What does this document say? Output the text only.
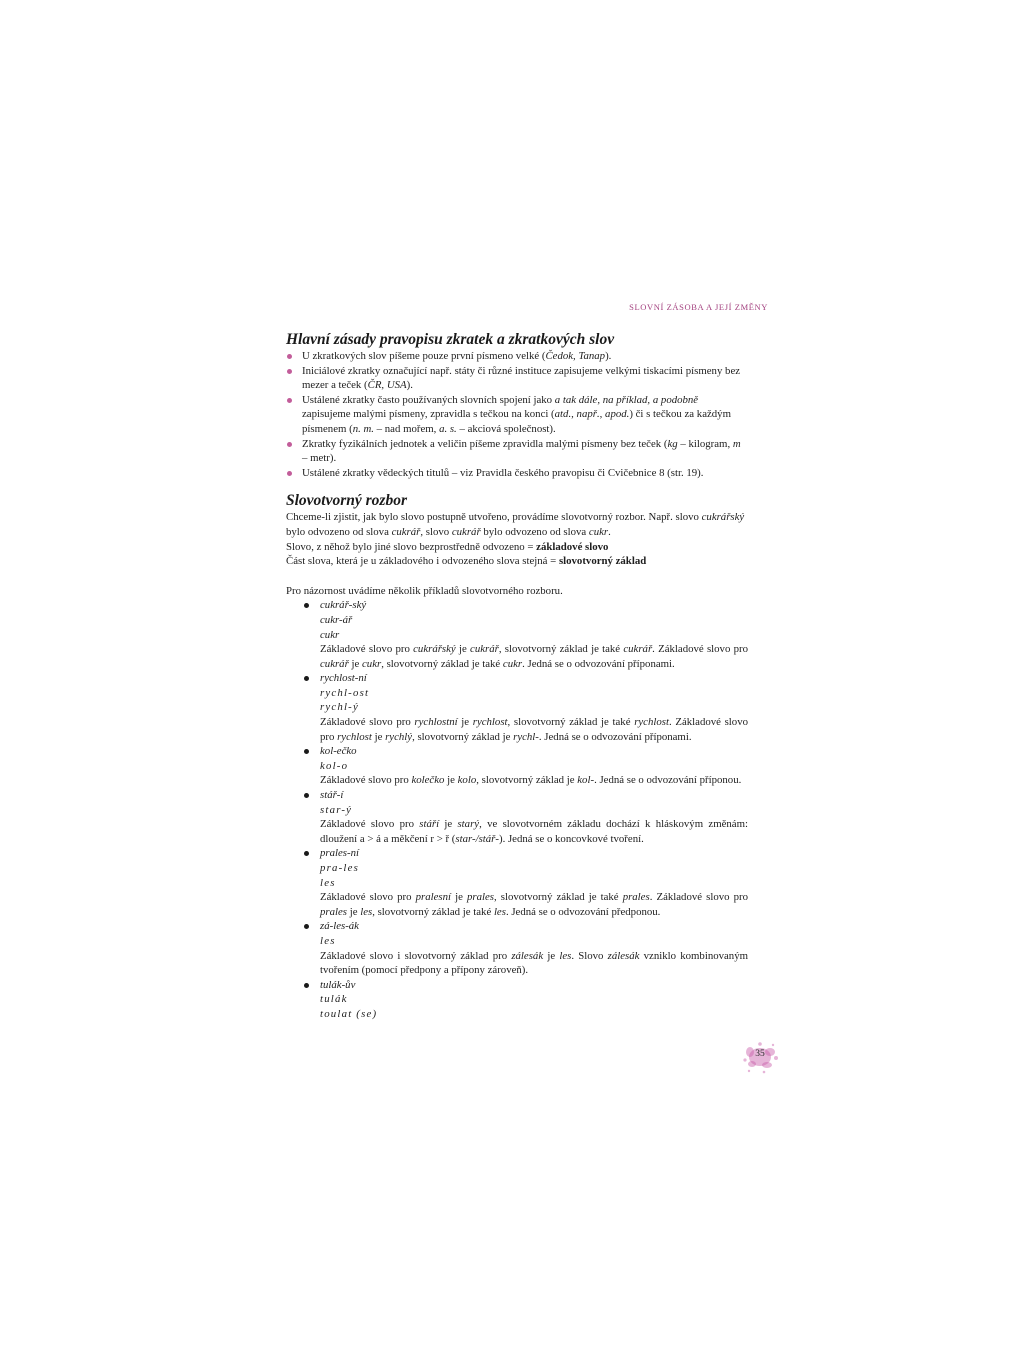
SLOVNÍ ZÁSOBA A JEJÍ ZMĚNY
Hlavní zásady pravopisu zkratek a zkratkových slov
U zkratkových slov píšeme pouze první písmeno velké (Čedok, Tanap).
Iniciálové zkratky označující např. státy či různé instituce zapisujeme velkými tiskacími písmeny bez mezer a teček (ČR, USA).
Ustálené zkratky často používaných slovních spojení jako a tak dále, na příklad, a podobně zapisujeme malými písmeny, zpravidla s tečkou na konci (atd., např., apod.) či s tečkou za každým písmenem (n. m. – nad mořem, a. s. – akciová společnost).
Zkratky fyzikálních jednotek a veličin píšeme zpravidla malými písmeny bez teček (kg – kilogram, m – metr).
Ustálené zkratky vědeckých titulů – viz Pravidla českého pravopisu či Cvičebnice 8 (str. 19).
Slovotvorný rozbor

Chceme-li zjistit, jak bylo slovo postupně utvořeno, provádíme slovotvorný rozbor. Např. slovo cukrářský bylo odvozeno od slova cukrář, slovo cukrář bylo odvozeno od slova cukr.

Slovo, z něhož bylo jiné slovo bezprostředně odvozeno = základové slovo

Část slova, která je u základového i odvozeného slova stejná = slovotvorný základ

Pro názornost uvádíme několik příkladů slovotvorného rozboru.

cukrář-ský
cukr-ář
cukr
Základové slovo pro cukrářský je cukrář, slovotvorný základ je také cukrář. Základové slovo pro cukrář je cukr, slovotvorný základ je také cukr. Jedná se o odvozování příponami.
rychlost-ní
rychl-ost
rychl-ý
Základové slovo pro rychlostní je rychlost, slovotvorný základ je také rychlost. Základové slovo pro rychlost je rychlý, slovotvorný základ je rychl-. Jedná se o odvozování příponami.
kol-ečko
kol-o
Základové slovo pro kolečko je kolo, slovotvorný základ je kol-. Jedná se o odvozování příponou.
stář-í
star-ý
Základové slovo pro stáří je starý, ve slovotvorném základu dochází k hláskovým změnám: dloužení a > á a měkčení r > ř (star-/stář-). Jedná se o koncovkové tvoření.
prales-ní
pra-les
les
Základové slovo pro pralesní je prales, slovotvorný základ je také prales. Základové slovo pro prales je les, slovotvorný základ je také les. Jedná se o odvozování předponou.
zá-les-ák
les
Základové slovo i slovotvorný základ pro zálesák je les. Slovo zálesák vzniklo kombinovaným tvořením (pomocí předpony a přípony zároveň).
tulák-ův
tulák
toulat (se)
35
